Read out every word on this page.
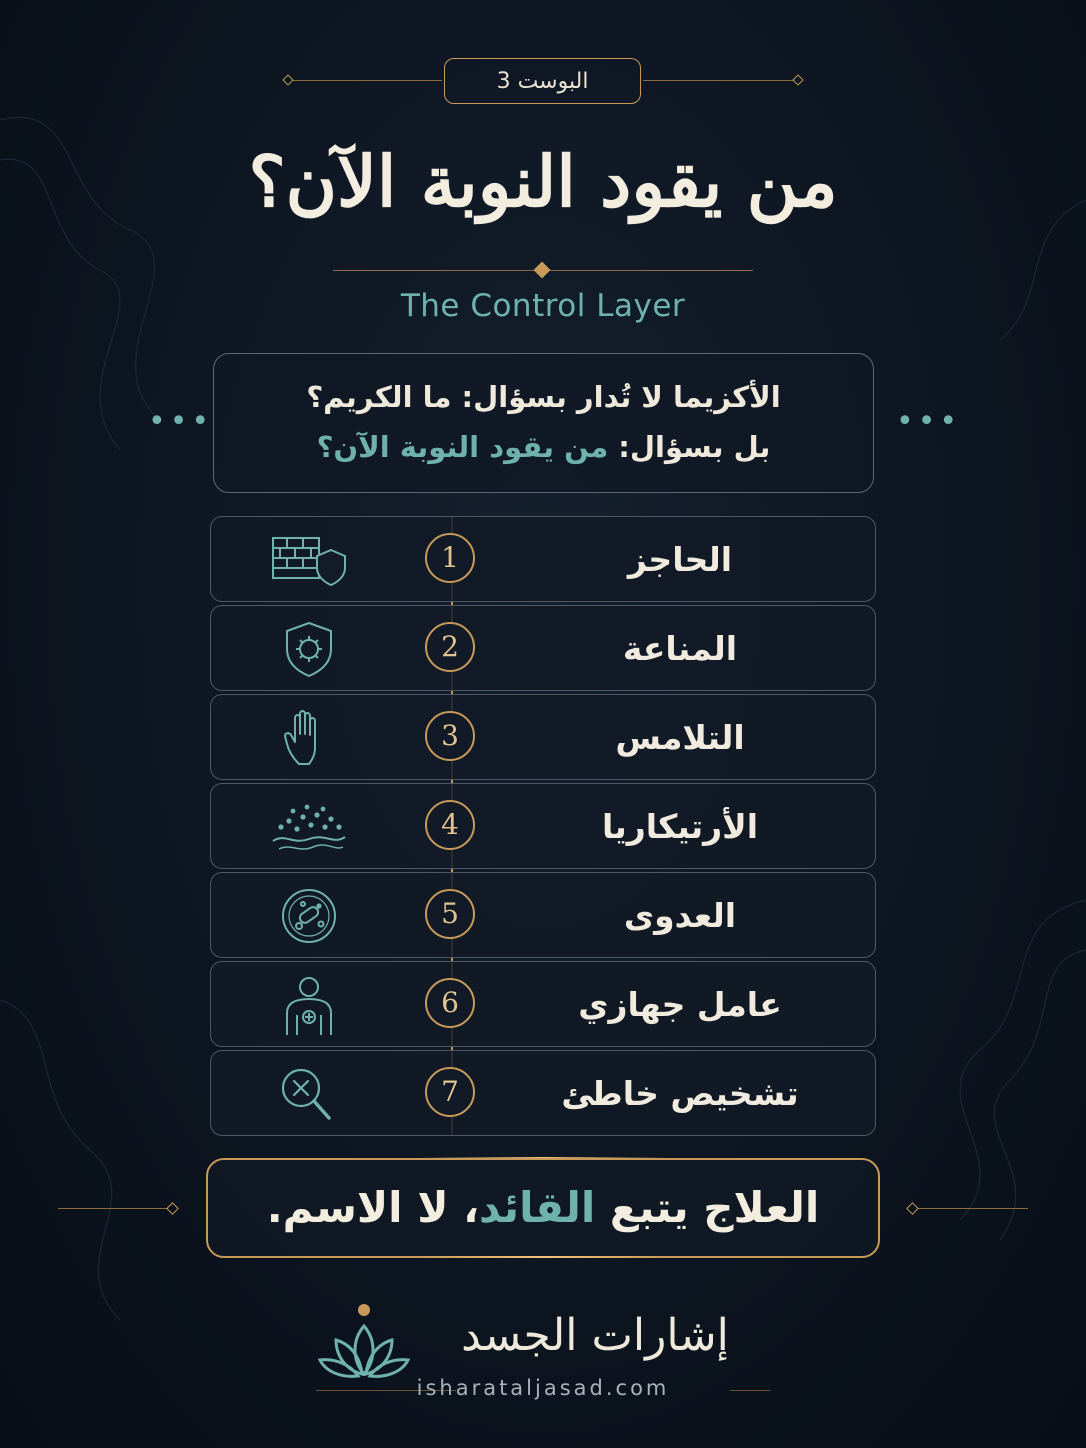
البوست 3
من يقود النوبة الآن؟
The Control Layer
•••	•••
الأكزيما لا تُدار بسؤال: ما الكريم؟
بل بسؤال: من يقود النوبة الآن؟
الحاجز
1
المناعة
2
التلامس
3
الأرتيكاريا
4
العدوى
5
عامل جهازي
6
تشخيص خاطئ
7
العلاج يتبع القائد، لا الاسم.
إشارات الجسد
isharataljasad.com
